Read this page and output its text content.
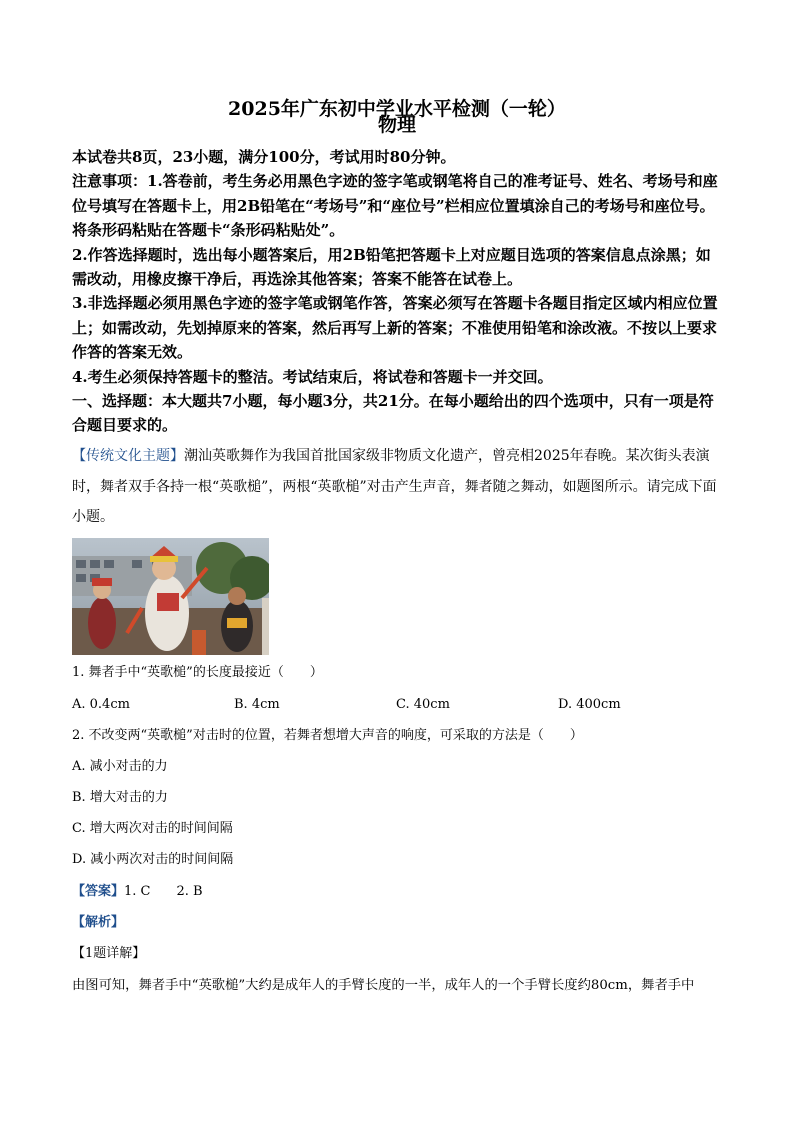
2025年广东初中学业水平检测（一轮）
物理

本试卷共8页，23小题，满分100分，考试用时80分钟。

注意事项：1.答卷前，考生务必用黑色字迹的签字笔或钢笔将自己的准考证号、姓名、考场号和座位号填写在答题卡上，用2B铅笔在“考场号”和“座位号”栏相应位置填涂自己的考场号和座位号。将条形码粘贴在答题卡“条形码粘贴处”。

2.作答选择题时，选出每小题答案后，用2B铅笔把答题卡上对应题目选项的答案信息点涂黑；如需改动，用橡皮擦干净后，再选涂其他答案；答案不能答在试卷上。

3.非选择题必须用黑色字迹的签字笔或钢笔作答，答案必须写在答题卡各题目指定区域内相应位置上；如需改动，先划掉原来的答案，然后再写上新的答案；不准使用铅笔和涂改液。不按以上要求作答的答案无效。

4.考生必须保持答题卡的整洁。考试结束后，将试卷和答题卡一并交回。

一、选择题：本大题共7小题，每小题3分，共21分。在每小题给出的四个选项中，只有一项是符合题目要求的。

【传统文化主题】潮汕英歌舞作为我国首批国家级非物质文化遗产，曾亮相2025年春晚。某次街头表演时，舞者双手各持一根“英歌槌”，两根“英歌槌”对击产生声音，舞者随之舞动，如题图所示。请完成下面小题。

1. 舞者手中“英歌槌”的长度最接近（　　）
A. 0.4cm	B. 4cm	C. 40cm	D. 400cm
2. 不改变两“英歌槌”对击时的位置，若舞者想增大声音的响度，可采取的方法是（　　）
A. 减小对击的力
B. 增大对击的力
C. 增大两次对击的时间间隔
D. 减小两次对击的时间间隔
【答案】1. C　　2. B
【解析】
【1题详解】
由图可知，舞者手中“英歌槌”大约是成年人的手臂长度的一半，成年人的一个手臂长度约80cm，舞者手中
